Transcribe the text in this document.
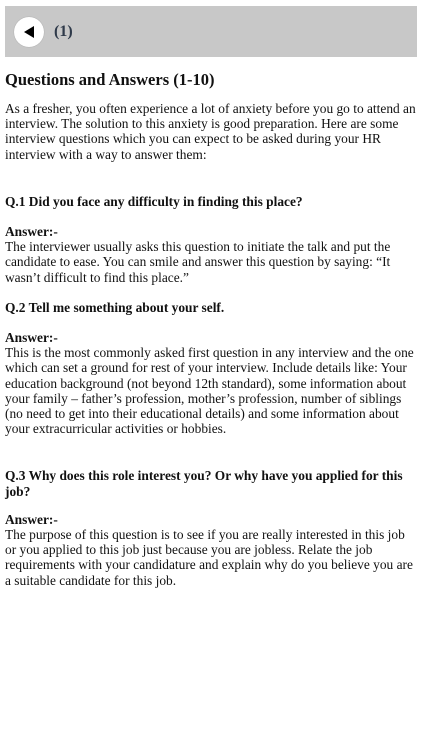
(1)
Questions and Answers (1-10)

As a fresher, you often experience a lot of anxiety before you go to attend an interview. The solution to this anxiety is good preparation. Here are some interview questions which you can expect to be asked during your HR interview with a way to answer them:

Q.1 Did you face any difficulty in finding this place?

Answer:-

The interviewer usually asks this question to initiate the talk and put the candidate to ease. You can smile and answer this question by saying: “It wasn’t difficult to find this place.”

Q.2 Tell me something about your self.

Answer:-

This is the most commonly asked first question in any interview and the one which can set a ground for rest of your interview. Include details like: Your education background (not beyond 12th standard), some information about your family – father’s profession, mother’s profession, number of siblings (no need to get into their educational details) and some information about your extracurricular activities or hobbies.

Q.3 Why does this role interest you? Or why have you applied for this job?

Answer:-

The purpose of this question is to see if you are really interested in this job or you applied to this job just because you are jobless. Relate the job requirements with your candidature and explain why do you believe you are a suitable candidate for this job.
